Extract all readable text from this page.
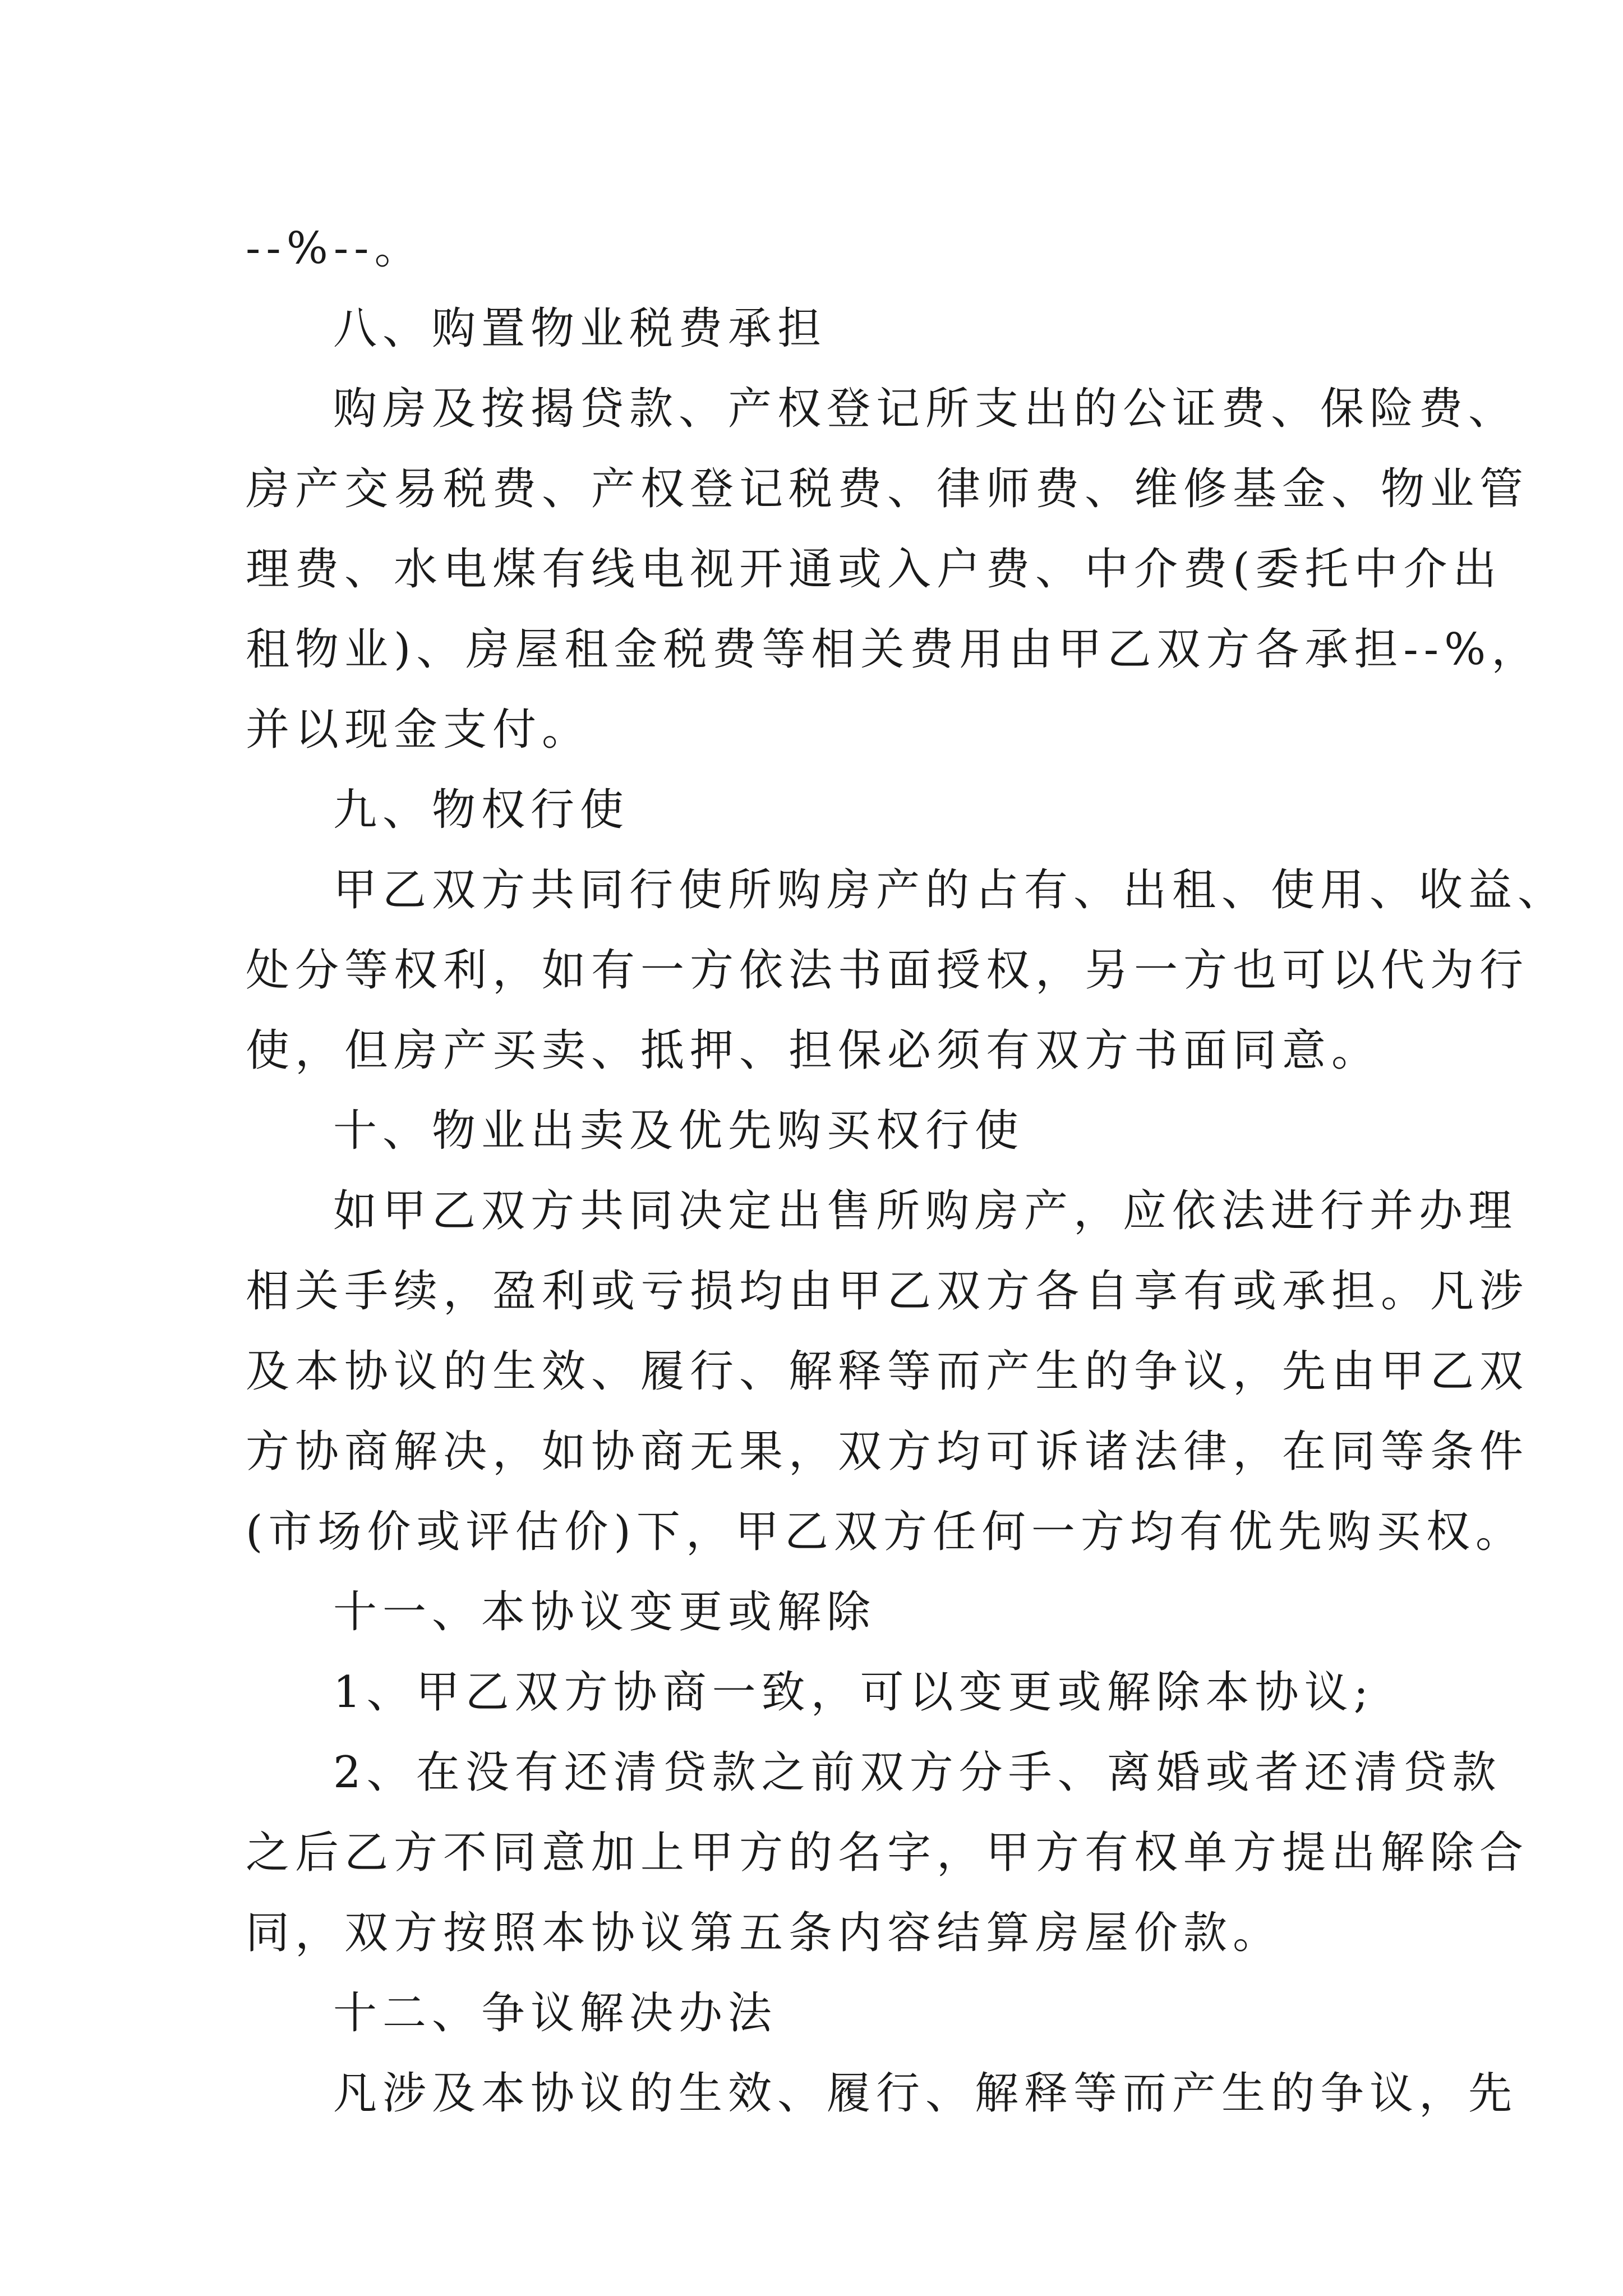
--%--。

八、购置物业税费承担

购房及按揭贷款、产权登记所支出的公证费、保险费、

房产交易税费、产权登记税费、律师费、维修基金、物业管

理费、水电煤有线电视开通或入户费、中介费(委托中介出

租物业)、房屋租金税费等相关费用由甲乙双方各承担--%，

并以现金支付。

九、物权行使

甲乙双方共同行使所购房产的占有、出租、使用、收益、

处分等权利，如有一方依法书面授权，另一方也可以代为行

使，但房产买卖、抵押、担保必须有双方书面同意。

十、物业出卖及优先购买权行使

如甲乙双方共同决定出售所购房产，应依法进行并办理

相关手续，盈利或亏损均由甲乙双方各自享有或承担。凡涉

及本协议的生效、履行、解释等而产生的争议，先由甲乙双

方协商解决，如协商无果，双方均可诉诸法律，在同等条件

(市场价或评估价)下，甲乙双方任何一方均有优先购买权。

十一、本协议变更或解除

1、甲乙双方协商一致，可以变更或解除本协议;

2、在没有还清贷款之前双方分手、离婚或者还清贷款

之后乙方不同意加上甲方的名字，甲方有权单方提出解除合

同，双方按照本协议第五条内容结算房屋价款。

十二、争议解决办法

凡涉及本协议的生效、履行、解释等而产生的争议，先
